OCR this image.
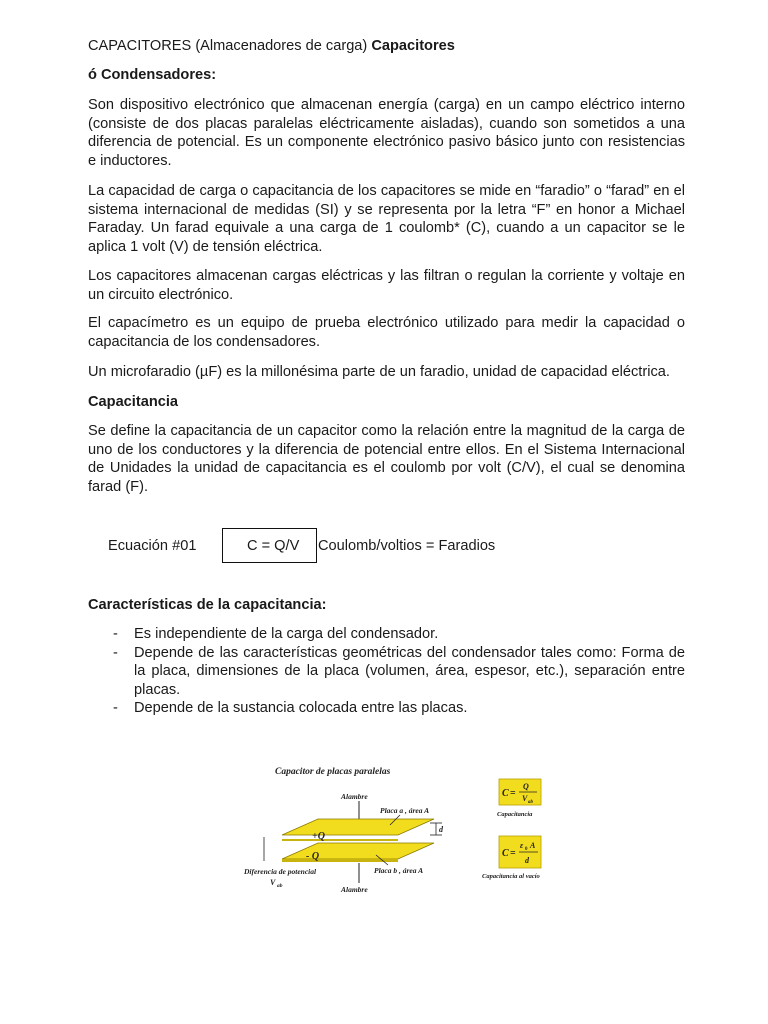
CAPACITORES (Almacenadores de carga) Capacitores

ó Condensadores:

Son dispositivo electrónico que almacenan energía (carga) en un campo eléctrico interno (consiste de dos placas paralelas eléctricamente aisladas), cuando son sometidos a una diferencia de potencial. Es un componente electrónico pasivo básico junto con resistencias e inductores.

La capacidad de carga o capacitancia de los capacitores se mide en “faradio” o “farad” en el sistema internacional de medidas (SI) y se representa por la letra “F” en honor a Michael Faraday. Un farad equivale a una carga de 1 coulomb* (C), cuando a un capacitor se le aplica 1 volt (V) de tensión eléctrica.

Los capacitores almacenan cargas eléctricas y las filtran o regulan la corriente y voltaje en un circuito electrónico.

El capacímetro es un equipo de prueba electrónico utilizado para medir la capacidad o capacitancia de los condensadores.

Un microfaradio (µF) es la millonésima parte de un faradio, unidad de capacidad eléctrica.

Capacitancia

Se define la capacitancia de un capacitor como la relación entre la magnitud de la carga de uno de los conductores y la diferencia de potencial entre ellos. En el Sistema Internacional de Unidades la unidad de capacitancia es el coulomb por volt (C/V), el cual se denomina farad (F).

Ecuación #01	C = Q/V Coulomb/voltios = Faradios

Características de la capacitancia:

- Es independiente de la carga del condensador.
- Depende de las características geométricas del condensador tales como: Forma de la placa, dimensiones de la placa (volumen, área, espesor, etc.), separación entre placas.
- Depende de la sustancia colocada entre las placas.
Capacitor de placas paralelas
Alambre
Alambre
+Q
- Q
Placa a , área A
Placa b , área A
d
Diferencia de potencial
V ab
C =
Q
V ab
Capacitancia
C =
ε 0 A
d
Capacitancia al vacío
